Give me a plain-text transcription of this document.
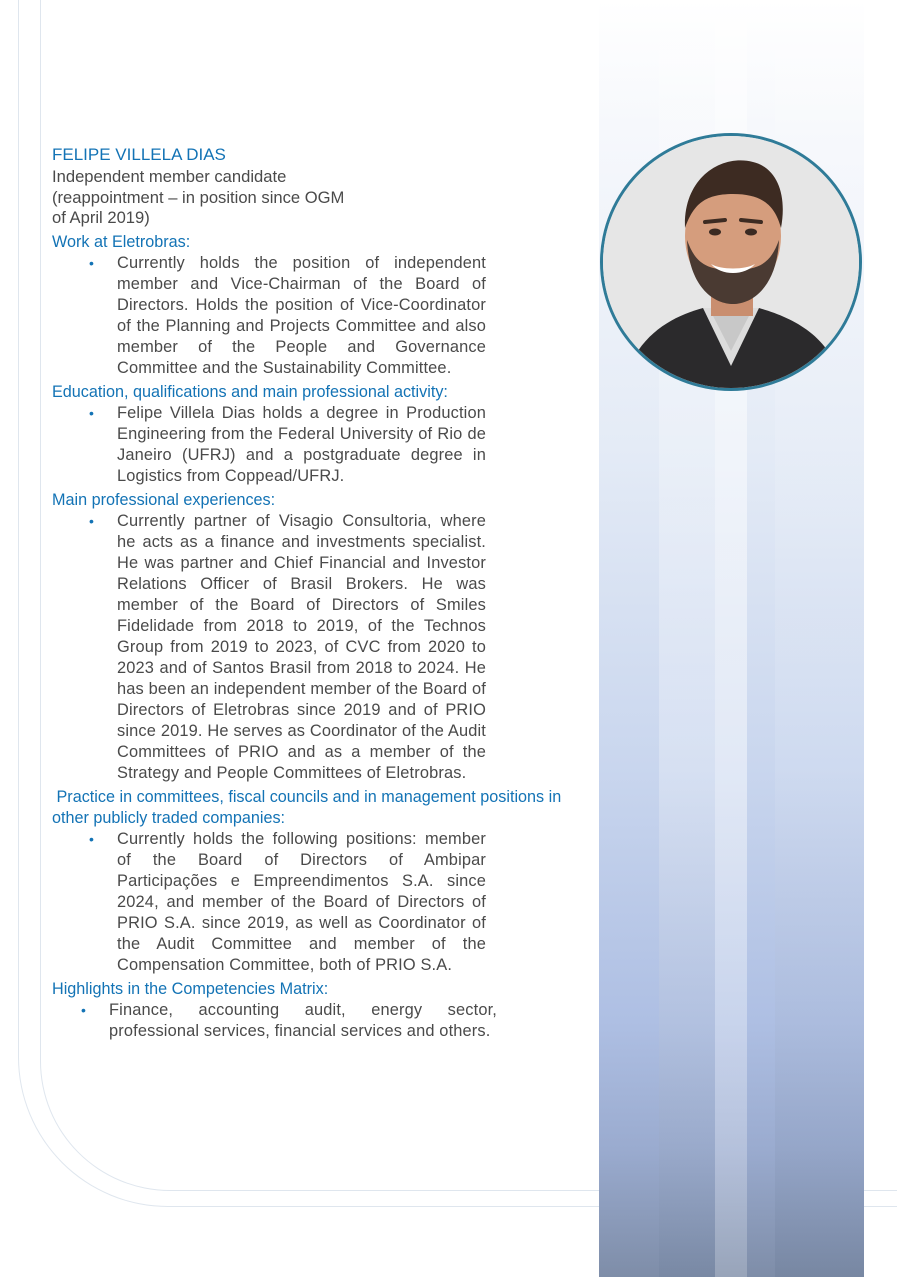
FELIPE VILLELA DIAS

Independent member candidate
(reappointment – in position since OGM
of April 2019)

Work at Eletrobras:

• Currently holds the position of independent member and Vice-Chairman of the Board of Directors. Holds the position of Vice-Coordinator of the Planning and Projects Committee and also member of the People and Governance Committee and the Sustainability Committee.

Education, qualifications and main professional activity:

• Felipe Villela Dias holds a degree in Production Engineering from the Federal University of Rio de Janeiro (UFRJ) and a postgraduate degree in Logistics from Coppead/UFRJ.

Main professional experiences:

• Currently partner of Visagio Consultoria, where he acts as a finance and investments specialist. He was partner and Chief Financial and Investor Relations Officer of Brasil Brokers. He was member of the Board of Directors of Smiles Fidelidade from 2018 to 2019, of the Technos Group from 2019 to 2023, of CVC from 2020 to 2023 and of Santos Brasil from 2018 to 2024. He has been an independent member of the Board of Directors of Eletrobras since 2019 and of PRIO since 2019. He serves as Coordinator of the Audit Committees of PRIO and as a member of the Strategy and People Committees of Eletrobras.

Practice in committees, fiscal councils and in management positions in other publicly traded companies:

• Currently holds the following positions: member of the Board of Directors of Ambipar Participações e Empreendimentos S.A. since 2024, and member of the Board of Directors of PRIO S.A. since 2019, as well as Coordinator of the Audit Committee and member of the Compensation Committee, both of PRIO S.A.

Highlights in the Competencies Matrix:

• Finance, accounting audit, energy sector, professional services, financial services and others.
